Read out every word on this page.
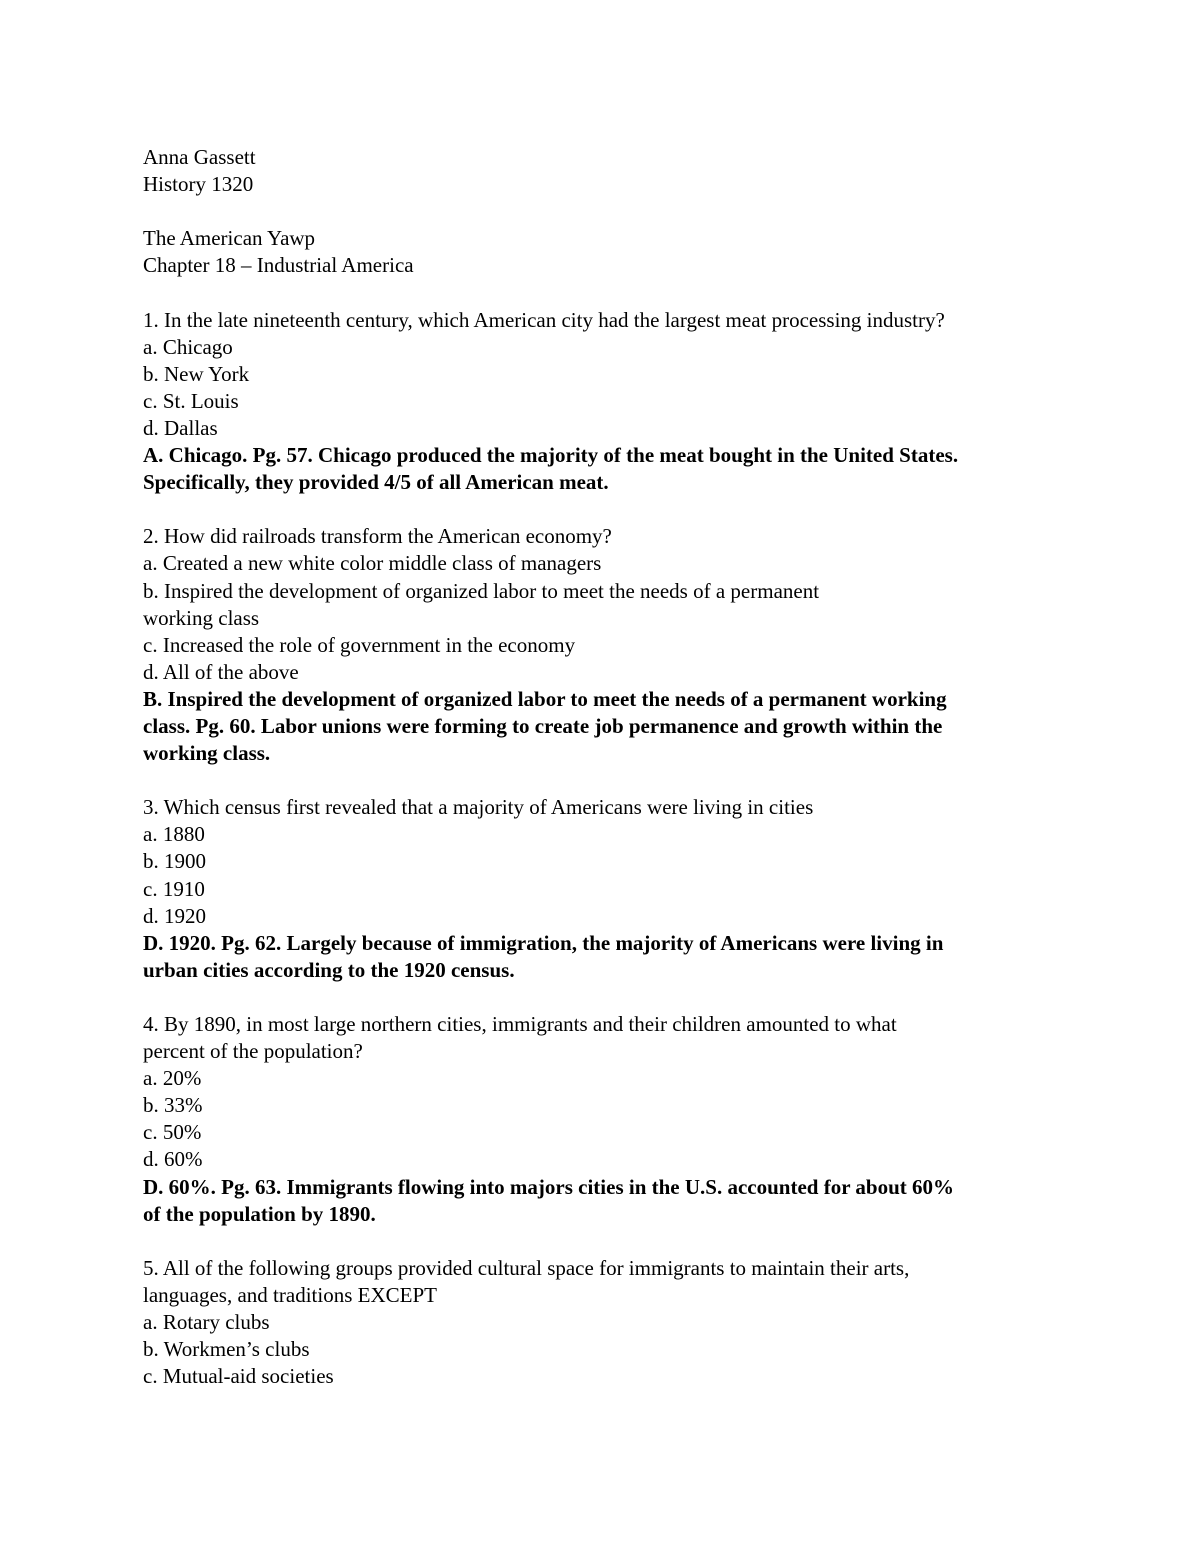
Anna Gassett

History 1320

The American Yawp

Chapter 18 – Industrial America

1. In the late nineteenth century, which American city had the largest meat processing industry?

a. Chicago

b. New York

c. St. Louis

d. Dallas

A. Chicago. Pg. 57. Chicago produced the majority of the meat bought in the United States.

Specifically, they provided 4/5 of all American meat.

2. How did railroads transform the American economy?

a. Created a new white color middle class of managers

b. Inspired the development of organized labor to meet the needs of a permanent

working class

c. Increased the role of government in the economy

d. All of the above

B. Inspired the development of organized labor to meet the needs of a permanent working

class. Pg. 60. Labor unions were forming to create job permanence and growth within the

working class.

3. Which census first revealed that a majority of Americans were living in cities

a. 1880

b. 1900

c. 1910

d. 1920

D. 1920. Pg. 62. Largely because of immigration, the majority of Americans were living in

urban cities according to the 1920 census.

4. By 1890, in most large northern cities, immigrants and their children amounted to what

percent of the population?

a. 20%

b. 33%

c. 50%

d. 60%

D. 60%. Pg. 63. Immigrants flowing into majors cities in the U.S. accounted for about 60%

of the population by 1890.

5. All of the following groups provided cultural space for immigrants to maintain their arts,

languages, and traditions EXCEPT

a. Rotary clubs

b. Workmen’s clubs

c. Mutual-aid societies
